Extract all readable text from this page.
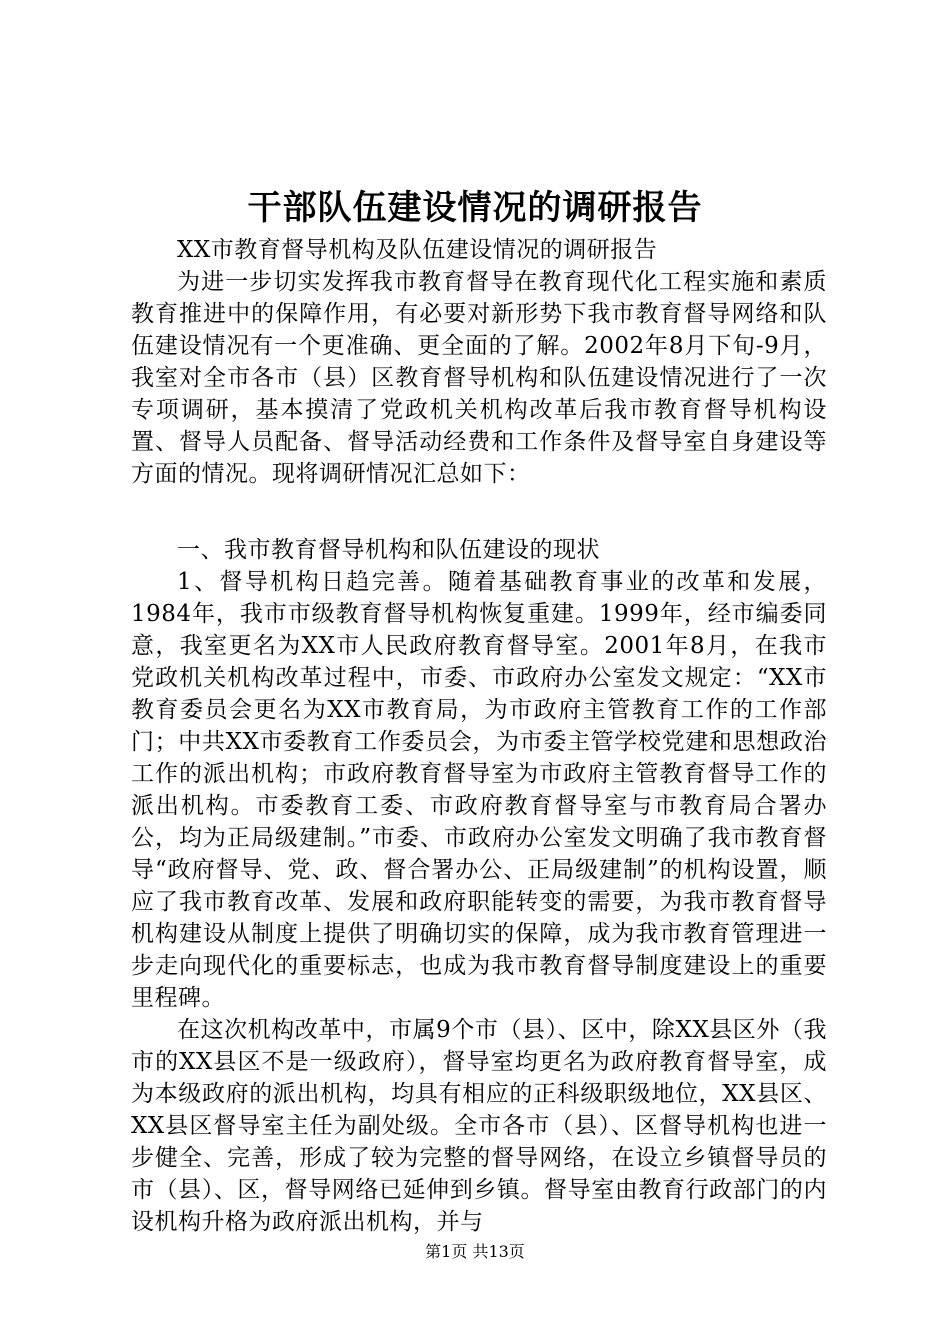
干部队伍建设情况的调研报告

XX市教育督导机构及队伍建设情况的调研报告

为进一步切实发挥我市教育督导在教育现代化工程实施和素质教育推进中的保障作用，有必要对新形势下我市教育督导网络和队伍建设情况有一个更准确、更全面的了解。2002年8月下旬-9月，我室对全市各市（县）区教育督导机构和队伍建设情况进行了一次专项调研，基本摸清了党政机关机构改革后我市教育督导机构设置、督导人员配备、督导活动经费和工作条件及督导室自身建设等方面的情况。现将调研情况汇总如下：

一、我市教育督导机构和队伍建设的现状

1、督导机构日趋完善。随着基础教育事业的改革和发展，1984年，我市市级教育督导机构恢复重建。1999年，经市编委同意，我室更名为XX市人民政府教育督导室。2001年8月，在我市党政机关机构改革过程中，市委、市政府办公室发文规定：“XX市教育委员会更名为XX市教育局，为市政府主管教育工作的工作部门；中共XX市委教育工作委员会，为市委主管学校党建和思想政治工作的派出机构；市政府教育督导室为市政府主管教育督导工作的派出机构。市委教育工委、市政府教育督导室与市教育局合署办公，均为正局级建制。”市委、市政府办公室发文明确了我市教育督导“政府督导、党、政、督合署办公、正局级建制”的机构设置，顺应了我市教育改革、发展和政府职能转变的需要，为我市教育督导机构建设从制度上提供了明确切实的保障，成为我市教育管理进一步走向现代化的重要标志，也成为我市教育督导制度建设上的重要里程碑。

在这次机构改革中，市属9个市（县）、区中，除XX县区外（我市的XX县区不是一级政府），督导室均更名为政府教育督导室，成为本级政府的派出机构，均具有相应的正科级职级地位，XX县区、XX县区督导室主任为副处级。全市各市（县）、区督导机构也进一步健全、完善，形成了较为完整的督导网络，在设立乡镇督导员的市（县）、区，督导网络已延伸到乡镇。督导室由教育行政部门的内设机构升格为政府派出机构，并与

第1页 共13页
